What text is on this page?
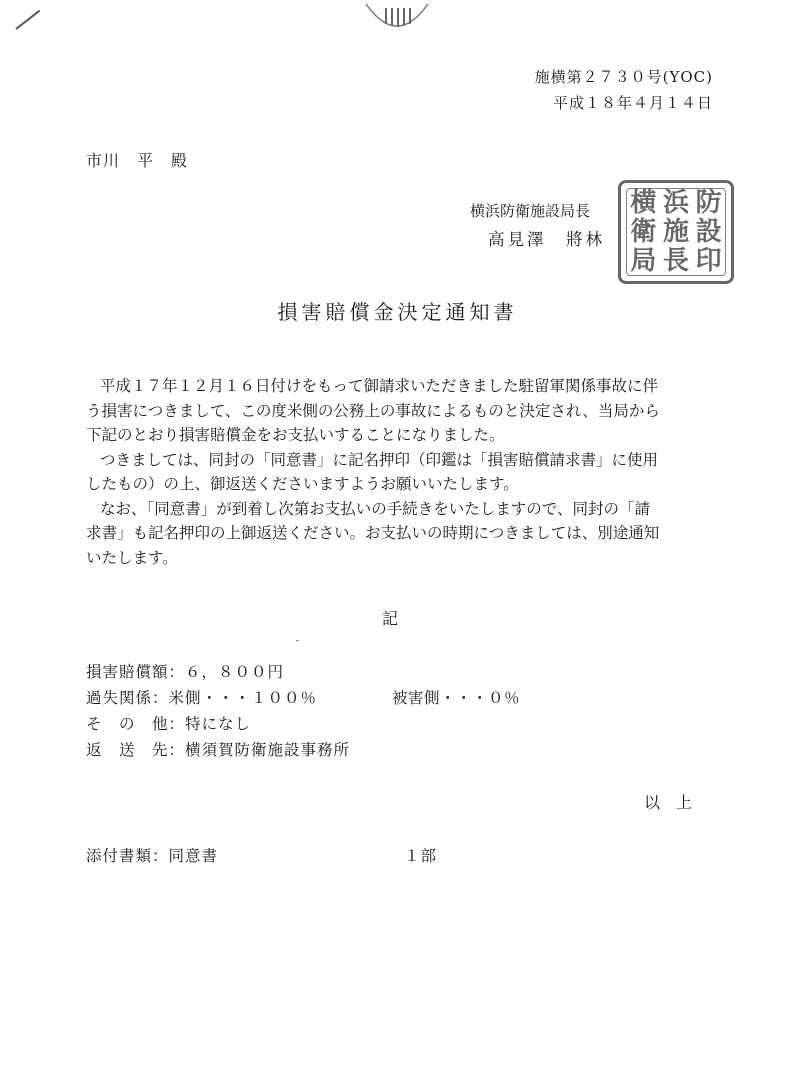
施横第２７３０号(YOC)
平成１８年４月１４日
市川　平　殿
横浜防衛施設局長
高見澤　將林
横 浜 防
衛 施 設
局 長 印
損害賠償金決定通知書
平成１７年１２月１６日付けをもって御請求いただきました駐留軍関係事故に伴
う損害につきまして、この度米側の公務上の事故によるものと決定され、当局から
下記のとおり損害賠償金をお支払いすることになりました。
つきましては、同封の「同意書」に記名押印（印鑑は「損害賠償請求書」に使用
したもの）の上、御返送くださいますようお願いいたします。
なお、「同意書」が到着し次第お支払いの手続きをいたしますので、同封の「請
求書」も記名押印の上御返送ください。お支払いの時期につきましては、別途通知
いたします。
記
損害賠償額：６，８００円
過失関係：米側・・・１００％	被害側・・・０％
そ　の　他：特になし
返　送　先：横須賀防衛施設事務所
以　上
添付書類：同意書	１部
